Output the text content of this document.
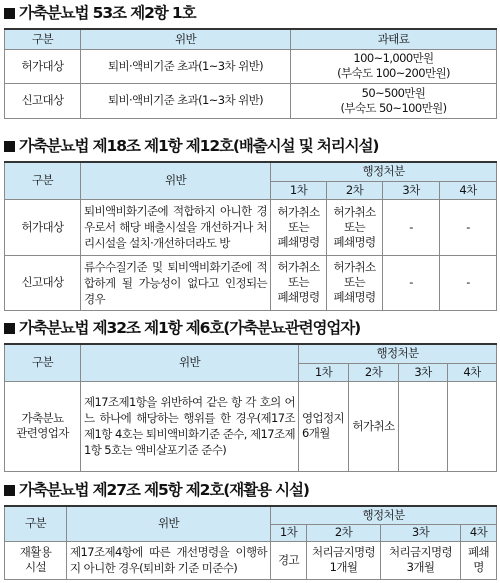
가축분뇨법 53조 제2항 1호
구분	위반	과태료
허가대상	퇴비·액비기준 초과(1~3차 위반)	100~1,000만원
(부숙도 100~200만원)
신고대상	퇴비·액비기준 초과(1~3차 위반)	50~500만원
(부숙도 50~100만원)
가축분뇨법 제18조 제1항 제12호(배출시설 및 처리시설)
구분	위반	행정처분			
		1차	2차	3차	4차
허가대상	퇴비액비화기준에 적합하지 아니한 경우로서 해당 배출시설을 개선하거나 처리시설을 설치·개선하더라도 방	허가취소
또는
폐쇄명령	허가취소
또는
폐쇄명령	-	-
신고대상	류수수질기준 및 퇴비액비화기준에 적합하게 될 가능성이 없다고 인정되는 경우	허가취소
또는
폐쇄명령	허가취소
또는
폐쇄명령	-	-
가축분뇨법 제32조 제1항 제6호(가축분뇨관련영업자)
구분	위반	행정처분			
		1차	2차	3차	4차
가축분뇨
관련영업자	제17조제1항을 위반하여 같은 항 각 호의 어느 하나에 해당하는 행위를 한 경우(제17조제1항 4호는 퇴비액비화기준 준수, 제17조제1항 5호는 액비살포기준 준수)	영업정지
6개월	허가취소		
가축분뇨법 제27조 제5항 제2호(재활용 시설)
구분	위반	행정처분			
		1차	2차	3차	4차
재활용
시설	제17조제4항에 따른 개선명령을 이행하지 아니한 경우(퇴비화 기준 미준수)	경고	처리금지명령
1개월	처리금지명령
3개월	폐쇄
명
